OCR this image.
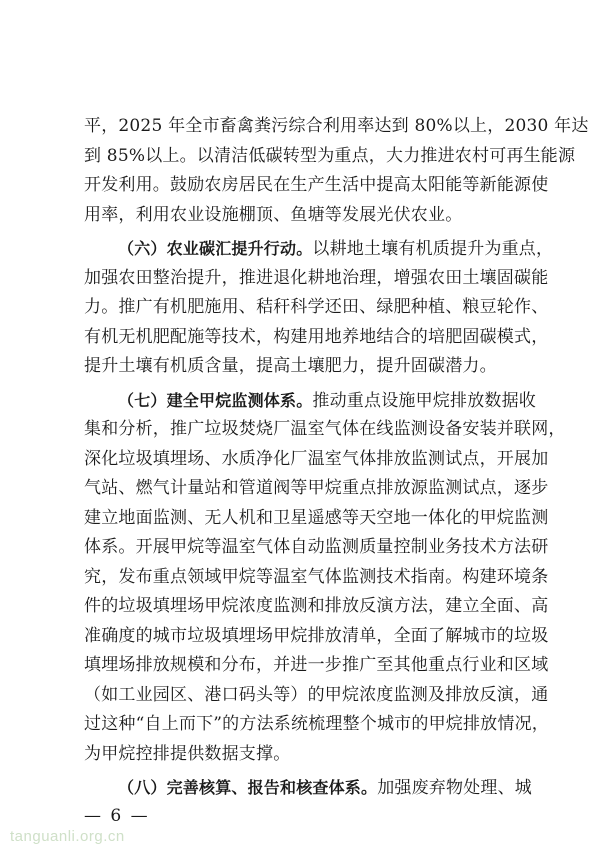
平，2025 年全市畜禽粪污综合利用率达到 80%以上，2030 年达
到 85%以上。以清洁低碳转型为重点，大力推进农村可再生能源
开发利用。鼓励农房居民在生产生活中提高太阳能等新能源使
用率，利用农业设施棚顶、鱼塘等发展光伏农业。
（六）农业碳汇提升行动。以耕地土壤有机质提升为重点，
加强农田整治提升，推进退化耕地治理，增强农田土壤固碳能
力。推广有机肥施用、秸秆科学还田、绿肥种植、粮豆轮作、
有机无机肥配施等技术，构建用地养地结合的培肥固碳模式，
提升土壤有机质含量，提高土壤肥力，提升固碳潜力。
（七）建全甲烷监测体系。推动重点设施甲烷排放数据收
集和分析，推广垃圾焚烧厂温室气体在线监测设备安装并联网，
深化垃圾填埋场、水质净化厂温室气体排放监测试点，开展加
气站、燃气计量站和管道阀等甲烷重点排放源监测试点，逐步
建立地面监测、无人机和卫星遥感等天空地一体化的甲烷监测
体系。开展甲烷等温室气体自动监测质量控制业务技术方法研
究，发布重点领域甲烷等温室气体监测技术指南。构建环境条
件的垃圾填埋场甲烷浓度监测和排放反演方法，建立全面、高
准确度的城市垃圾填埋场甲烷排放清单，全面了解城市的垃圾
填埋场排放规模和分布，并进一步推广至其他重点行业和区域
（如工业园区、港口码头等）的甲烷浓度监测及排放反演，通
过这种“自上而下”的方法系统梳理整个城市的甲烷排放情况，
为甲烷控排提供数据支撑。
（八）完善核算、报告和核查体系。加强废弃物处理、城
— 6 —
tanguanli.org.cn
